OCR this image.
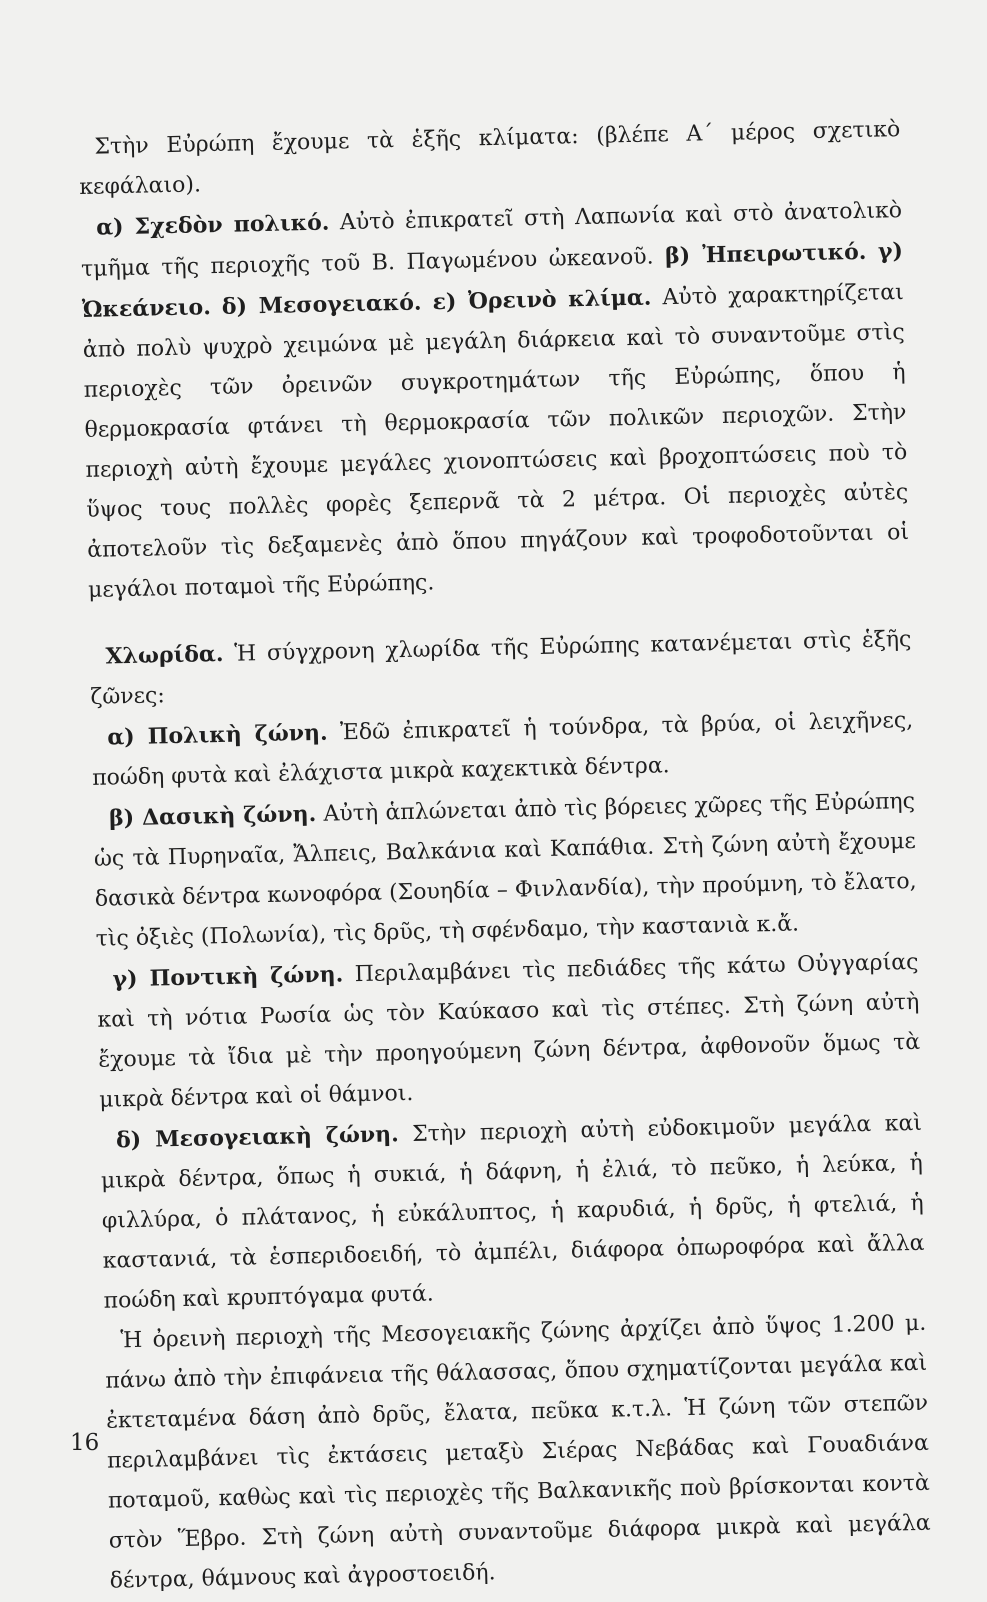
Στὴν Εὐρώπη ἔχουμε τὰ ἑξῆς κλίματα: (βλέπε Α΄ μέρος σχετικὸ κεφάλαιο).

α) Σχεδὸν πολικό. Αὐτὸ ἐπικρατεῖ στὴ Λαπωνία καὶ στὸ ἀνατολικὸ τμῆμα τῆς περιοχῆς τοῦ Β. Παγωμένου ὠκεανοῦ. β) Ἠπειρωτικό. γ) Ὠκεάνειο. δ) Μεσογειακό. ε) Ὀρεινὸ κλίμα. Αὐτὸ χαρακτηρίζεται ἀπὸ πολὺ ψυχρὸ χειμώνα μὲ μεγάλη διάρκεια καὶ τὸ συναντοῦμε στὶς περιοχὲς τῶν ὀρεινῶν συγκροτημάτων τῆς Εὐρώπης, ὅπου ἡ θερμοκρασία φτάνει τὴ θερμοκρασία τῶν πολικῶν περιοχῶν. Στὴν περιοχὴ αὐτὴ ἔχουμε μεγάλες χιονοπτώσεις καὶ βροχοπτώσεις ποὺ τὸ ὕψος τους πολλὲς φορὲς ξεπερνᾶ τὰ 2 μέτρα. Οἱ περιοχὲς αὐτὲς ἀποτελοῦν τὶς δεξαμενὲς ἀπὸ ὅπου πηγάζουν καὶ τροφοδοτοῦνται οἱ μεγάλοι ποταμοὶ τῆς Εὐρώπης.

Χλωρίδα. Ἡ σύγχρονη χλωρίδα τῆς Εὐρώπης κατανέμεται στὶς ἑξῆς ζῶνες:

α) Πολικὴ ζώνη. Ἐδῶ ἐπικρατεῖ ἡ τούνδρα, τὰ βρύα, οἱ λειχῆνες, ποώδη φυτὰ καὶ ἐλάχιστα μικρὰ καχεκτικὰ δέντρα.

β) Δασικὴ ζώνη. Αὐτὴ ἁπλώνεται ἀπὸ τὶς βόρειες χῶρες τῆς Εὐρώπης ὡς τὰ Πυρηναῖα, Ἄλπεις, Βαλκάνια καὶ Καπάθια. Στὴ ζώνη αὐτὴ ἔχουμε δασικὰ δέντρα κωνοφόρα (Σουηδία – Φινλανδία), τὴν προύμνη, τὸ ἔλατο, τὶς ὀξιὲς (Πολωνία), τὶς δρῦς, τὴ σφένδαμο, τὴν καστανιὰ κ.ἄ.

γ) Ποντικὴ ζώνη. Περιλαμβάνει τὶς πεδιάδες τῆς κάτω Οὐγγαρίας καὶ τὴ νότια Ρωσία ὡς τὸν Καύκασο καὶ τὶς στέπες. Στὴ ζώνη αὐτὴ ἔχουμε τὰ ἴδια μὲ τὴν προηγούμενη ζώνη δέντρα, ἀφθονοῦν ὅμως τὰ μικρὰ δέντρα καὶ οἱ θάμνοι.

δ) Μεσογειακὴ ζώνη. Στὴν περιοχὴ αὐτὴ εὐδοκιμοῦν μεγάλα καὶ μικρὰ δέντρα, ὅπως ἡ συκιά, ἡ δάφνη, ἡ ἐλιά, τὸ πεῦκο, ἡ λεύκα, ἡ φιλλύρα, ὁ πλάτανος, ἡ εὐκάλυπτος, ἡ καρυδιά, ἡ δρῦς, ἡ φτελιά, ἡ καστανιά, τὰ ἑσπεριδοειδή, τὸ ἀμπέλι, διάφορα ὀπωροφόρα καὶ ἄλλα ποώδη καὶ κρυπτόγαμα φυτά.

Ἡ ὀρεινὴ περιοχὴ τῆς Μεσογειακῆς ζώνης ἀρχίζει ἀπὸ ὕψος 1.200 μ. πάνω ἀπὸ τὴν ἐπιφάνεια τῆς θάλασσας, ὅπου σχηματίζονται μεγάλα καὶ ἐκτεταμένα δάση ἀπὸ δρῦς, ἔλατα, πεῦκα κ.τ.λ. Ἡ ζώνη τῶν στεπῶν περιλαμβάνει τὶς ἐκτάσεις μεταξὺ Σιέρας Νεβάδας καὶ Γουαδιάνα ποταμοῦ, καθὼς καὶ τὶς περιοχὲς τῆς Βαλκανικῆς ποὺ βρίσκονται κοντὰ στὸν Ἕβρο. Στὴ ζώνη αὐτὴ συναντοῦμε διάφορα μικρὰ καὶ μεγάλα δέντρα, θάμνους καὶ ἀγροστοειδή.

16
